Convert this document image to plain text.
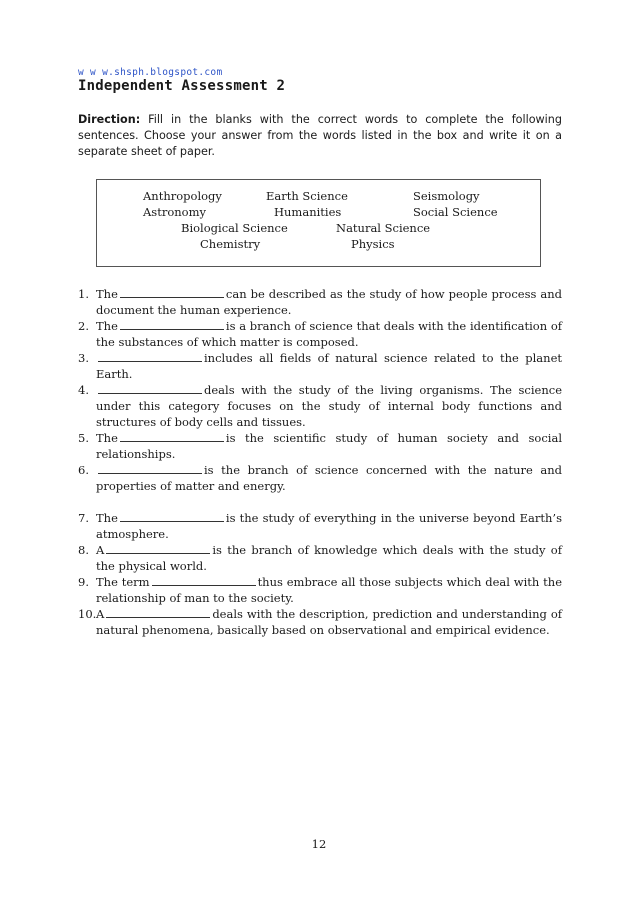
w w w.shsph.blogspot.com
Independent Assessment 2
Direction: Fill in the blanks with the correct words to complete the following sentences. Choose your answer from the words listed in the box and write it on a separate sheet of paper.
Anthropology	Earth Science	Seismology
Astronomy	Humanities	Social Science
Biological Science	Natural Science
Chemistry	Physics

1. The	can be described as the study of how people process and document the human experience.

2. The	is a branch of science that deals with the identification of the substances of which matter is composed.

3.	includes all fields of natural science related to the planet Earth.

4.	deals with the study of the living organisms. The science under this category focuses on the study of internal body functions and structures of body cells and tissues.

5. The	is the scientific study of human society and social relationships.

6.	is the branch of science concerned with the nature and properties of matter and energy.

7. The	is the study of everything in the universe beyond Earth’s atmosphere.

8. A	is the branch of knowledge which deals with the study of the physical world.

9. The term	thus embrace all those subjects which deal with the relationship of man to the society.

10. A	deals with the description, prediction and understanding of natural phenomena, basically based on observational and empirical evidence.

12
